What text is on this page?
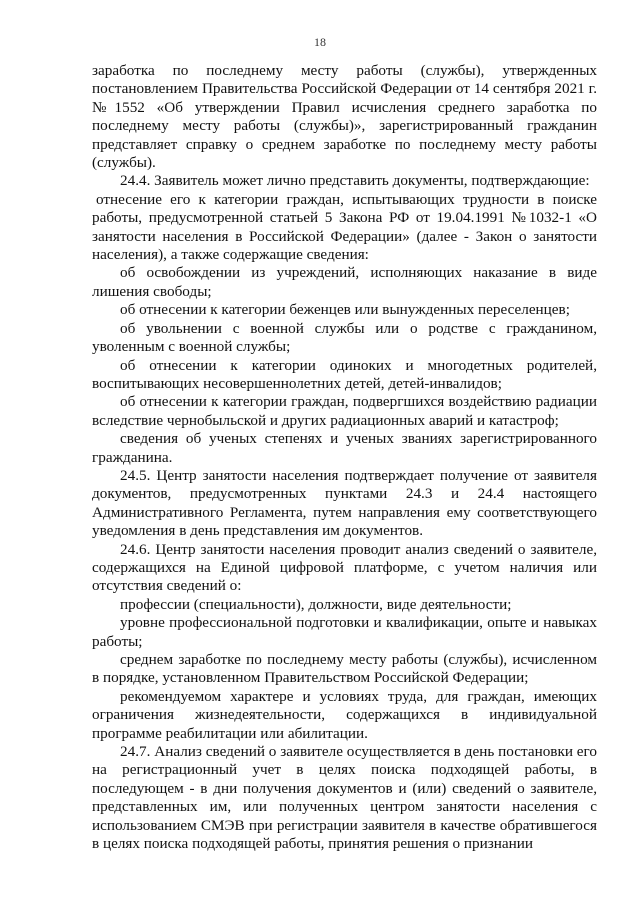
18

заработка по последнему месту работы (службы), утвержденных постановлением Правительства Российской Федерации от 14 сентября 2021 г. №1552 «Об утверждении Правил исчисления среднего заработка по последнему месту работы (службы)», зарегистрированный гражданин представляет справку о среднем заработке по последнему месту работы (службы).

24.4. Заявитель может лично представить документы, подтверждающие:

отнесение его к категории граждан, испытывающих трудности в поиске работы, предусмотренной статьей 5 Закона РФ от 19.04.1991 №1032-1 «О занятости населения в Российской Федерации» (далее - Закон о занятости населения), а также содержащие сведения:

об освобождении из учреждений, исполняющих наказание в виде лишения свободы;

об отнесении к категории беженцев или вынужденных переселенцев;

об увольнении с военной службы или о родстве с гражданином, уволенным с военной службы;

об отнесении к категории одиноких и многодетных родителей, воспитывающих несовершеннолетних детей, детей-инвалидов;

об отнесении к категории граждан, подвергшихся воздействию радиации вследствие чернобыльской и других радиационных аварий и катастроф;

сведения об ученых степенях и ученых званиях зарегистрированного гражданина.

24.5. Центр занятости населения подтверждает получение от заявителя документов, предусмотренных пунктами 24.3 и 24.4 настоящего Административного Регламента, путем направления ему соответствующего уведомления в день представления им документов.

24.6. Центр занятости населения проводит анализ сведений о заявителе, содержащихся на Единой цифровой платформе, с учетом наличия или отсутствия сведений о:

профессии (специальности), должности, виде деятельности;

уровне профессиональной подготовки и квалификации, опыте и навыках работы;

среднем заработке по последнему месту работы (службы), исчисленном в порядке, установленном Правительством Российской Федерации;

рекомендуемом характере и условиях труда, для граждан, имеющих ограничения жизнедеятельности, содержащихся в индивидуальной программе реабилитации или абилитации.

24.7. Анализ сведений о заявителе осуществляется в день постановки его на регистрационный учет в целях поиска подходящей работы, в последующем - в дни получения документов и (или) сведений о заявителе, представленных им, или полученных центром занятости населения с использованием СМЭВ при регистрации заявителя в качестве обратившегося в целях поиска подходящей работы, принятия решения о признании
